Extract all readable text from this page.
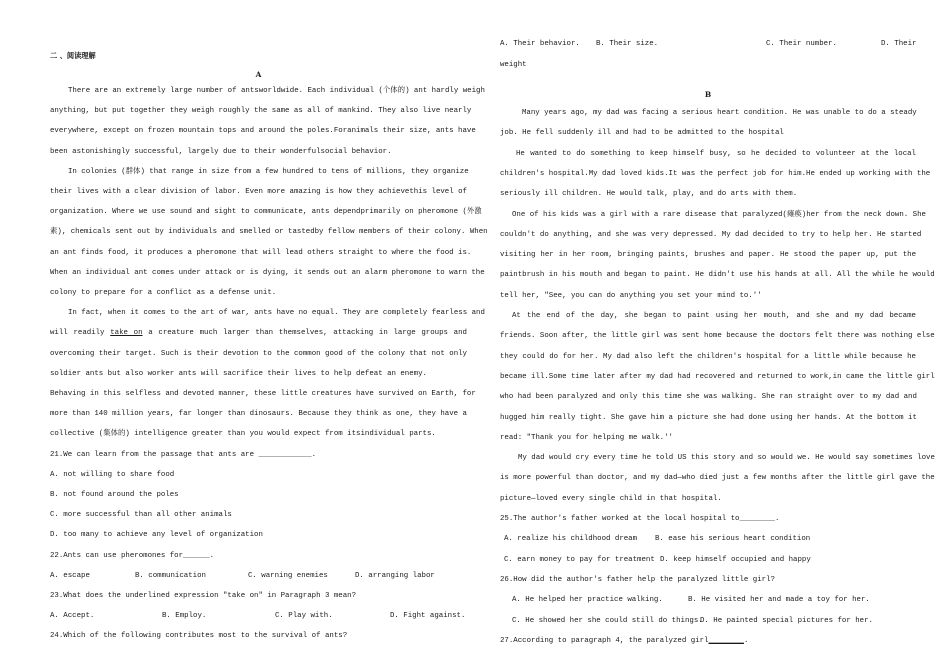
二 、阅读理解
A
There are an extremely large number of antsworldwide. Each individual (个体的) ant hardly weigh
anything, but put together they weigh roughly the same as all of mankind. They also live nearly
everywhere, except on frozen mountain tops and around the poles.Foranimals their size, ants have
been astonishingly successful, largely due to their wonderfulsocial behavior.
In colonies (群体) that range in size from a few hundred to tens of millions, they organize
their lives with a clear division of labor. Even more amazing is how they achievethis level of
organization. Where we use sound and sight to communicate, ants dependprimarily on pheromone (外激
素), chemicals sent out by individuals and smelled or tastedby fellow members of their colony. When
an ant finds food, it produces a pheromone that will lead others straight to where the food is.
When an individual ant comes under attack or is dying, it sends out an alarm pheromone to warn the
colony to prepare for a conflict as a defense unit.
In fact, when it comes to the art of war, ants have no equal. They are completely fearless and
will readily take on a creature much larger than themselves, attacking in large groups and
overcoming their target. Such is their devotion to the common good of the colony that not only
soldier ants but also worker ants will sacrifice their lives to help defeat an enemy.
Behaving in this selfless and devoted manner, these little creatures have survived on Earth, for
more than 140 million years, far longer than dinosaurs. Because they think as one, they have a
collective (集体的) intelligence greater than you would expect from itsindividual parts.
21.We can learn from the passage that ants are ____________.
A. not willing to share food
B. not found around the poles
C. more successful than all other animals
D. too many to achieve any level of organization
22.Ants can use pheromones for______.
A. escape	B. communication	C. warning enemies	D. arranging labor
23.What does the underlined expression "take on" in Paragraph 3 mean?
A. Accept.	B. Employ.	C. Play with.	D. Fight against.
24.Which of the following contributes most to the survival of ants?
A. Their behavior. B. Their size.	C. Their number.	D. Their
weight
B
Many years ago, my dad was facing a serious heart condition. He was unable to do a steady
job. He fell suddenly ill and had to be admitted to the hospital
He wanted to do something to keep himself busy, so he decided to volunteer at the local
children's hospital.My dad loved kids.It was the perfect job for him.He ended up working with the
seriously ill children. He would talk, play, and do arts with them.
One of his kids was a girl with a rare disease that paralyzed(瘫痪)her from the neck down. She
couldn't do anything, and she was very depressed. My dad decided to try to help her. He started
visiting her in her room, bringing paints, brushes and paper. He stood the paper up, put the
paintbrush in his mouth and began to paint. He didn't use his hands at all. All the while he would
tell her, "See, you can do anything you set your mind to.''
At the end of the day, she began to paint using her mouth, and she and my dad became
friends. Soon after, the little girl was sent home because the doctors felt there was nothing else
they could do for her. My dad also left the children's hospital for a little while because he
became ill.Some time later after my dad had recovered and returned to work,in came the little girl
who had been paralyzed and only this time she was walking. She ran straight over to my dad and
hugged him really tight. She gave him a picture she had done using her hands. At the bottom it
read: "Thank you for helping me walk.''
My dad would cry every time he told US this story and so would we. He would say sometimes love
is more powerful than doctor, and my dad—who died just a few months after the little girl gave the
picture—loved every single child in that hospital.
25.The author's father worked at the local hospital to________.
A. realize his childhood dream B. ease his serious heart condition
C. earn money to pay for treatment D. keep himself occupied and happy
26.How did the author's father help the paralyzed little girl?
A. He helped her practice walking.	B. He visited her and made a toy for her.
C. He showed her she could still do things.
D. He painted special pictures for her.
27.According to paragraph 4, the paralyzed girl________.
